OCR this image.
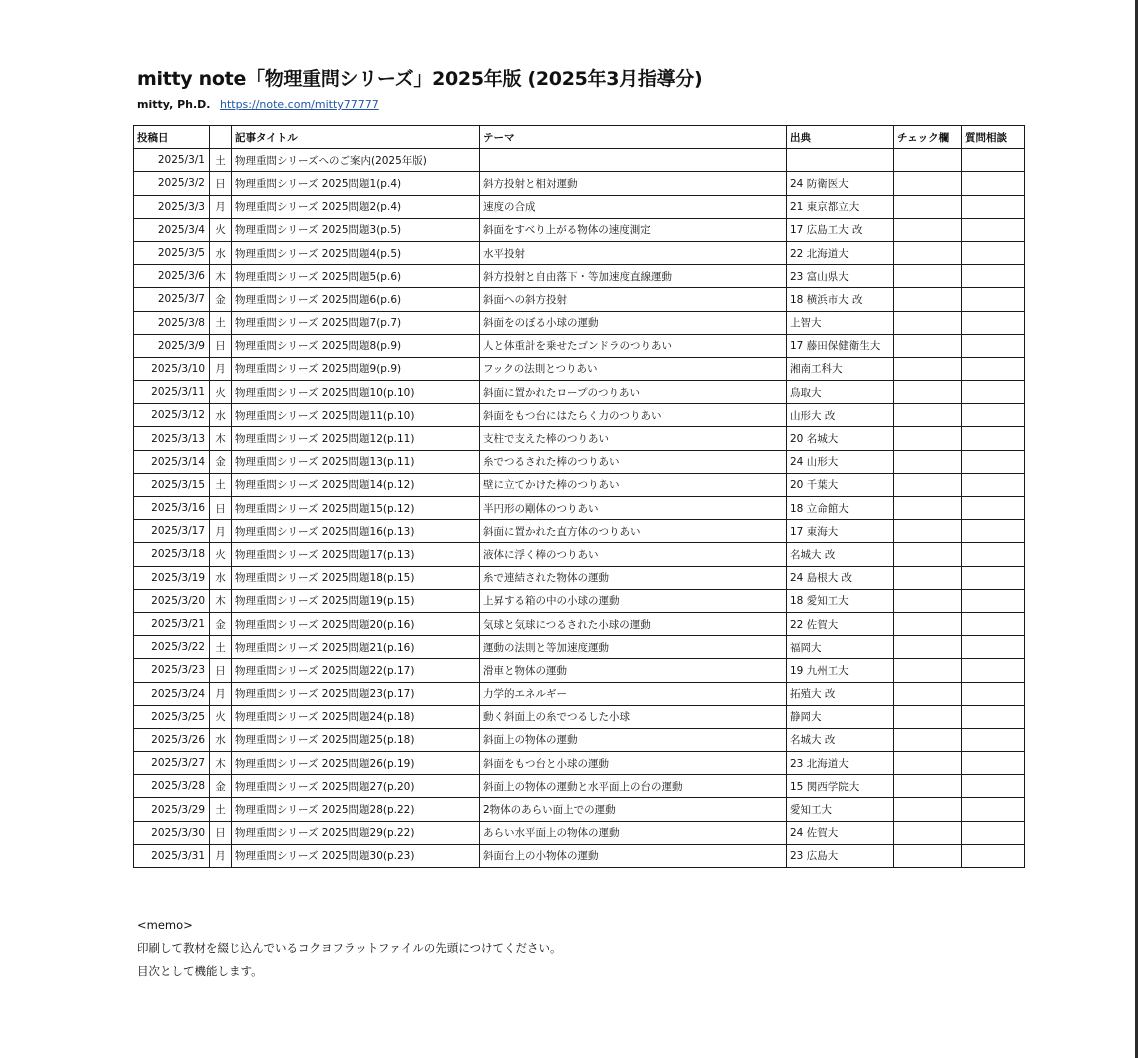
mitty note「物理重問シリーズ」2025年版 (2025年3月指導分)
mitty, Ph.D. https://note.com/mitty77777
投稿日		記事タイトル	テーマ	出典	チェック欄	質問相談
2025/3/1	土	物理重問シリーズへのご案内(2025年版)				
2025/3/2	日	物理重問シリーズ 2025問題1(p.4)	斜方投射と相対運動	24 防衛医大		
2025/3/3	月	物理重問シリーズ 2025問題2(p.4)	速度の合成	21 東京都立大		
2025/3/4	火	物理重問シリーズ 2025問題3(p.5)	斜面をすべり上がる物体の速度測定	17 広島工大 改		
2025/3/5	水	物理重問シリーズ 2025問題4(p.5)	水平投射	22 北海道大		
2025/3/6	木	物理重問シリーズ 2025問題5(p.6)	斜方投射と自由落下・等加速度直線運動	23 富山県大		
2025/3/7	金	物理重問シリーズ 2025問題6(p.6)	斜面への斜方投射	18 横浜市大 改		
2025/3/8	土	物理重問シリーズ 2025問題7(p.7)	斜面をのぼる小球の運動	上智大		
2025/3/9	日	物理重問シリーズ 2025問題8(p.9)	人と体重計を乗せたゴンドラのつりあい	17 藤田保健衛生大		
2025/3/10	月	物理重問シリーズ 2025問題9(p.9)	フックの法則とつりあい	湘南工科大		
2025/3/11	火	物理重問シリーズ 2025問題10(p.10)	斜面に置かれたロープのつりあい	鳥取大		
2025/3/12	水	物理重問シリーズ 2025問題11(p.10)	斜面をもつ台にはたらく力のつりあい	山形大 改		
2025/3/13	木	物理重問シリーズ 2025問題12(p.11)	支柱で支えた棒のつりあい	20 名城大		
2025/3/14	金	物理重問シリーズ 2025問題13(p.11)	糸でつるされた棒のつりあい	24 山形大		
2025/3/15	土	物理重問シリーズ 2025問題14(p.12)	壁に立てかけた棒のつりあい	20 千葉大		
2025/3/16	日	物理重問シリーズ 2025問題15(p.12)	半円形の剛体のつりあい	18 立命館大		
2025/3/17	月	物理重問シリーズ 2025問題16(p.13)	斜面に置かれた直方体のつりあい	17 東海大		
2025/3/18	火	物理重問シリーズ 2025問題17(p.13)	液体に浮く棒のつりあい	名城大 改		
2025/3/19	水	物理重問シリーズ 2025問題18(p.15)	糸で連結された物体の運動	24 島根大 改		
2025/3/20	木	物理重問シリーズ 2025問題19(p.15)	上昇する箱の中の小球の運動	18 愛知工大		
2025/3/21	金	物理重問シリーズ 2025問題20(p.16)	気球と気球につるされた小球の運動	22 佐賀大		
2025/3/22	土	物理重問シリーズ 2025問題21(p.16)	運動の法則と等加速度運動	福岡大		
2025/3/23	日	物理重問シリーズ 2025問題22(p.17)	滑車と物体の運動	19 九州工大		
2025/3/24	月	物理重問シリーズ 2025問題23(p.17)	力学的エネルギー	拓殖大 改		
2025/3/25	火	物理重問シリーズ 2025問題24(p.18)	動く斜面上の糸でつるした小球	静岡大		
2025/3/26	水	物理重問シリーズ 2025問題25(p.18)	斜面上の物体の運動	名城大 改		
2025/3/27	木	物理重問シリーズ 2025問題26(p.19)	斜面をもつ台と小球の運動	23 北海道大		
2025/3/28	金	物理重問シリーズ 2025問題27(p.20)	斜面上の物体の運動と水平面上の台の運動	15 関西学院大		
2025/3/29	土	物理重問シリーズ 2025問題28(p.22)	2物体のあらい面上での運動	愛知工大		
2025/3/30	日	物理重問シリーズ 2025問題29(p.22)	あらい水平面上の物体の運動	24 佐賀大		
2025/3/31	月	物理重問シリーズ 2025問題30(p.23)	斜面台上の小物体の運動	23 広島大		
<memo>
印刷して教材を綴じ込んでいるコクヨフラットファイルの先頭につけてください。
目次として機能します。
